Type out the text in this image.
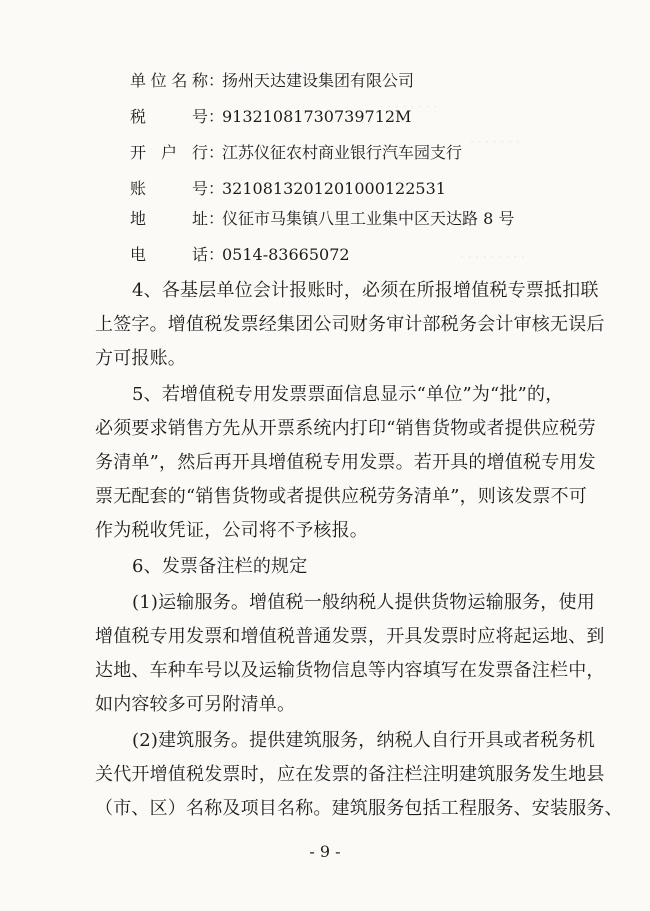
· · · · · · · ·
· · · · · · ·
· · · · · · · · ·
单位名称：扬州天达建设集团有限公司
税号：91321081730739712M
开户行：江苏仪征农村商业银行汽车园支行
账号：3210813201201000122531
地址：仪征市马集镇八里工业集中区天达路 8 号
电话：0514-83665072
4、各基层单位会计报账时，必须在所报增值税专票抵扣联
上签字。增值税发票经集团公司财务审计部税务会计审核无误后
方可报账。
5、若增值税专用发票票面信息显示“单位”为“批”的，
必须要求销售方先从开票系统内打印“销售货物或者提供应税劳
务清单”，然后再开具增值税专用发票。若开具的增值税专用发
票无配套的“销售货物或者提供应税劳务清单”，则该发票不可
作为税收凭证，公司将不予核报。
6、发票备注栏的规定
(1)运输服务。增值税一般纳税人提供货物运输服务，使用
增值税专用发票和增值税普通发票，开具发票时应将起运地、到
达地、车种车号以及运输货物信息等内容填写在发票备注栏中，
如内容较多可另附清单。
(2)建筑服务。提供建筑服务，纳税人自行开具或者税务机
关代开增值税发票时，应在发票的备注栏注明建筑服务发生地县
（市、区）名称及项目名称。建筑服务包括工程服务、安装服务、
- 9 -
